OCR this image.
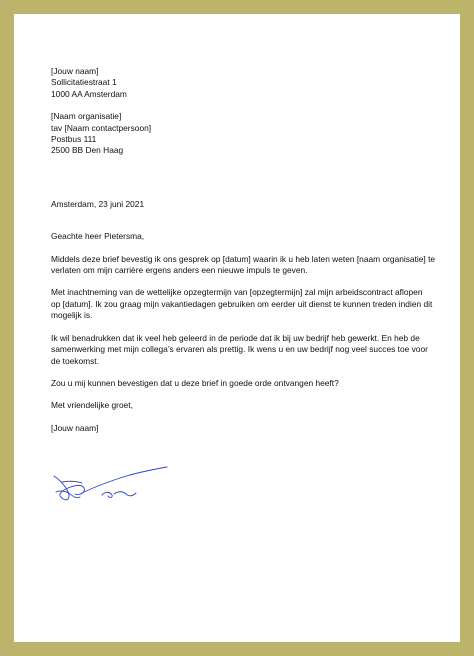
[Jouw naam]
Sollicitatiestraat 1
1000 AA Amsterdam
[Naam organisatie]
tav [Naam contactpersoon]
Postbus 111
2500 BB Den Haag
Amsterdam, 23 juni 2021
Geachte heer Pietersma,
Middels deze brief bevestig ik ons gesprek op [datum] waarin ik u heb laten weten [naam organisatie] te
verlaten om mijn carrière ergens anders een nieuwe impuls te geven.
Met inachtneming van de wettelijke opzegtermijn van [opzegtermijn] zal mijn arbeidscontract aflopen
op [datum]. Ik zou graag mijn vakantiedagen gebruiken om eerder uit dienst te kunnen treden indien dit
mogelijk is.
Ik wil benadrukken dat ik veel heb geleerd in de periode dat ik bij uw bedrijf heb gewerkt. En heb de
samenwerking met mijn collega’s ervaren als prettig. Ik wens u en uw bedrijf nog veel succes toe voor
de toekomst.
Zou u mij kunnen bevestigen dat u deze brief in goede orde ontvangen heeft?
Met vriendelijke groet,
[Jouw naam]
